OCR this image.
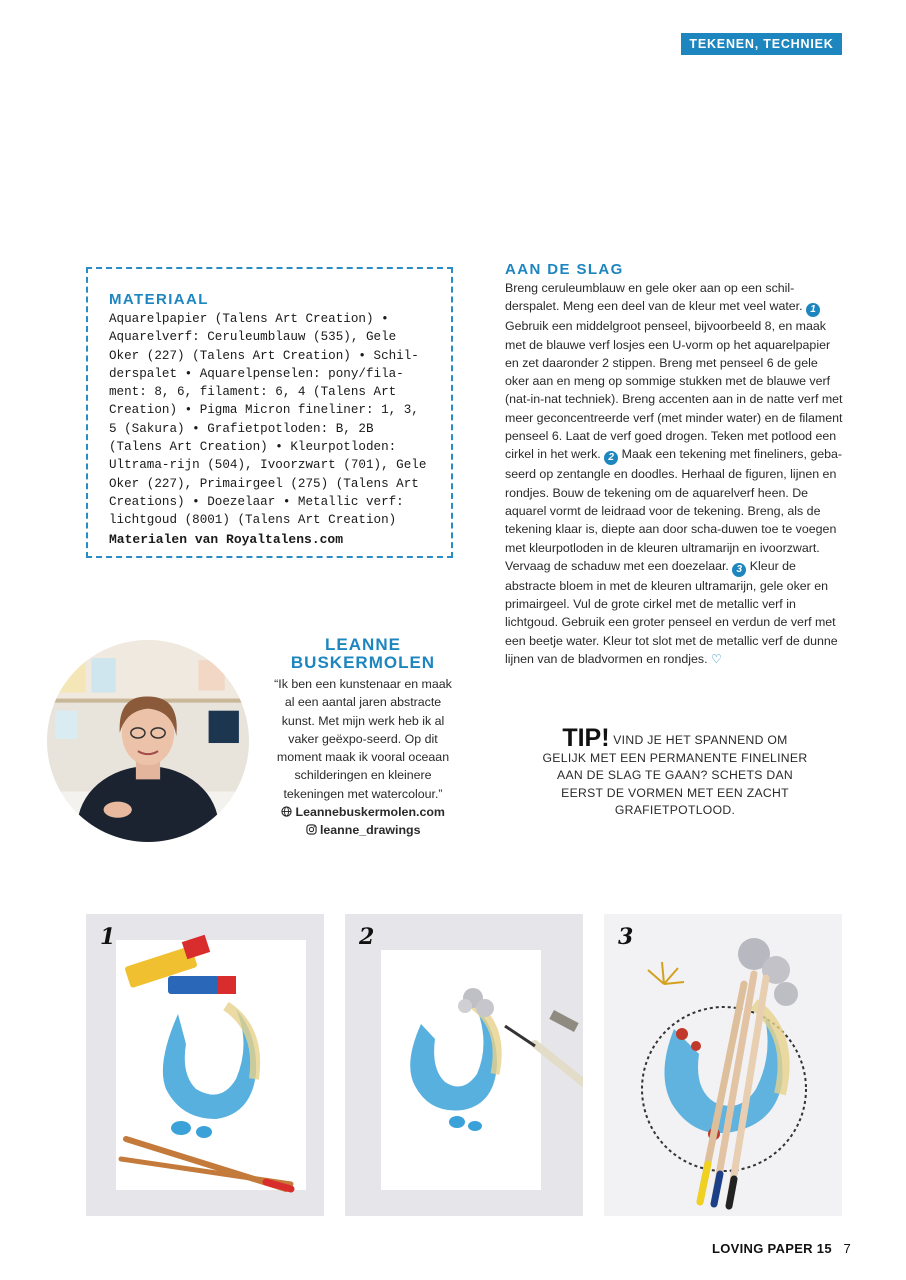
TEKENEN, TECHNIEK
MATERIAAL

Aquarelpapier (Talens Art Creation) • Aquarelverf: Ceruleumblauw (535), Gele Oker (227) (Talens Art Creation) • Schil-derspalet • Aquarelpenselen: pony/fila-ment: 8, 6, filament: 6, 4 (Talens Art Creation) • Pigma Micron fineliner: 1, 3, 5 (Sakura) • Grafietpotloden: B, 2B (Talens Art Creation) • Kleurpotloden: Ultrama-rijn (504), Ivoorzwart (701), Gele Oker (227), Primairgeel (275) (Talens Art Creations) • Doezelaar • Metallic verf: lichtgoud (8001) (Talens Art Creation)

Materialen van Royaltalens.com

AAN DE SLAG

Breng ceruleumblauw en gele oker aan op een schil-derspalet. Meng een deel van de kleur met veel water. 1 Gebruik een middelgroot penseel, bijvoorbeeld 8, en maak met de blauwe verf losjes een U-vorm op het aquarelpapier en zet daaronder 2 stippen. Breng met penseel 6 de gele oker aan en meng op sommige stukken met de blauwe verf (nat-in-nat techniek). Breng accenten aan in de natte verf met meer geconcentreerde verf (met minder water) en de filament penseel 6. Laat de verf goed drogen. Teken met potlood een cirkel in het werk. 2 Maak een tekening met fineliners, geba-seerd op zentangle en doodles. Herhaal de figuren, lijnen en rondjes. Bouw de tekening om de aquarelverf heen. De aquarel vormt de leidraad voor de tekening. Breng, als de tekening klaar is, diepte aan door scha-duwen toe te voegen met kleurpotloden in de kleuren ultramarijn en ivoorzwart. Vervaag de schaduw met een doezelaar. 3 Kleur de abstracte bloem in met de kleuren ultramarijn, gele oker en primairgeel. Vul de grote cirkel met de metallic verf in lichtgoud. Gebruik een groter penseel en verdun de verf met een beetje water. Kleur tot slot met de metallic verf de dunne lijnen van de bladvormen en rondjes. ♡

LEANNE
BUSKERMOLEN

“Ik ben een kunstenaar en maak al een aantal jaren abstracte kunst. Met mijn werk heb ik al vaker geëxpo-seerd. Op dit moment maak ik vooral oceaan schilderingen en kleinere tekeningen met watercolour.”

Leannebuskermolen.com
leanne_drawings
TIP! VIND JE HET SPANNEND OM GELIJK MET EEN PERMANENTE FINELINER AAN DE SLAG TE GAAN? SCHETS DAN EERST DE VORMEN MET EEN ZACHT GRAFIETPOTLOOD.
1	2	3
LOVING PAPER 15 7
